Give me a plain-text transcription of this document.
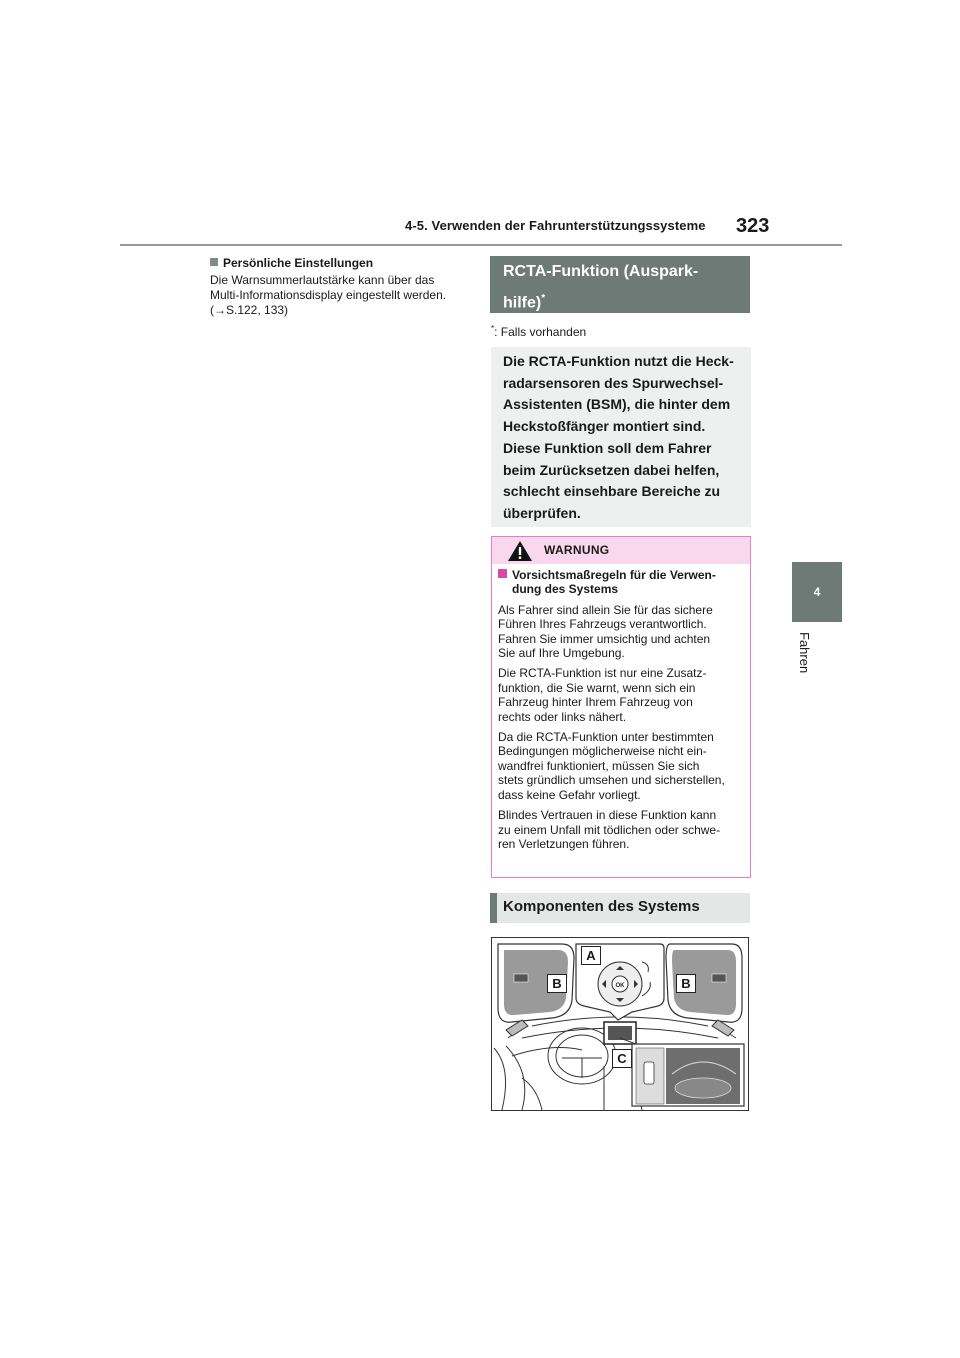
4-5. Verwenden der Fahrunterstützungssysteme 323
4
Fahren
Persönliche Einstellungen
Die Warnsummerlautstärke kann über das
Multi-Informationsdisplay eingestellt werden.
(→S.122, 133)
RCTA-Funktion (Auspark-
hilfe)*
*: Falls vorhanden
Die RCTA-Funktion nutzt die Heck-
radarsensoren des Spurwechsel-
Assistenten (BSM), die hinter dem
Heckstoßfänger montiert sind.
Diese Funktion soll dem Fahrer
beim Zurücksetzen dabei helfen,
schlecht einsehbare Bereiche zu
überprüfen.
WARNUNG
Vorsichtsmaßregeln für die Verwen-
dung des Systems

Als Fahrer sind allein Sie für das sichere
Führen Ihres Fahrzeugs verantwortlich.
Fahren Sie immer umsichtig und achten
Sie auf Ihre Umgebung.

Die RCTA-Funktion ist nur eine Zusatz-
funktion, die Sie warnt, wenn sich ein
Fahrzeug hinter Ihrem Fahrzeug von
rechts oder links nähert.

Da die RCTA-Funktion unter bestimmten
Bedingungen möglicherweise nicht ein-
wandfrei funktioniert, müssen Sie sich
stets gründlich umsehen und sicherstellen,
dass keine Gefahr vorliegt.

Blindes Vertrauen in diese Funktion kann
zu einem Unfall mit tödlichen oder schwe-
ren Verletzungen führen.

Komponenten des Systems
OK
A
B	B
C
